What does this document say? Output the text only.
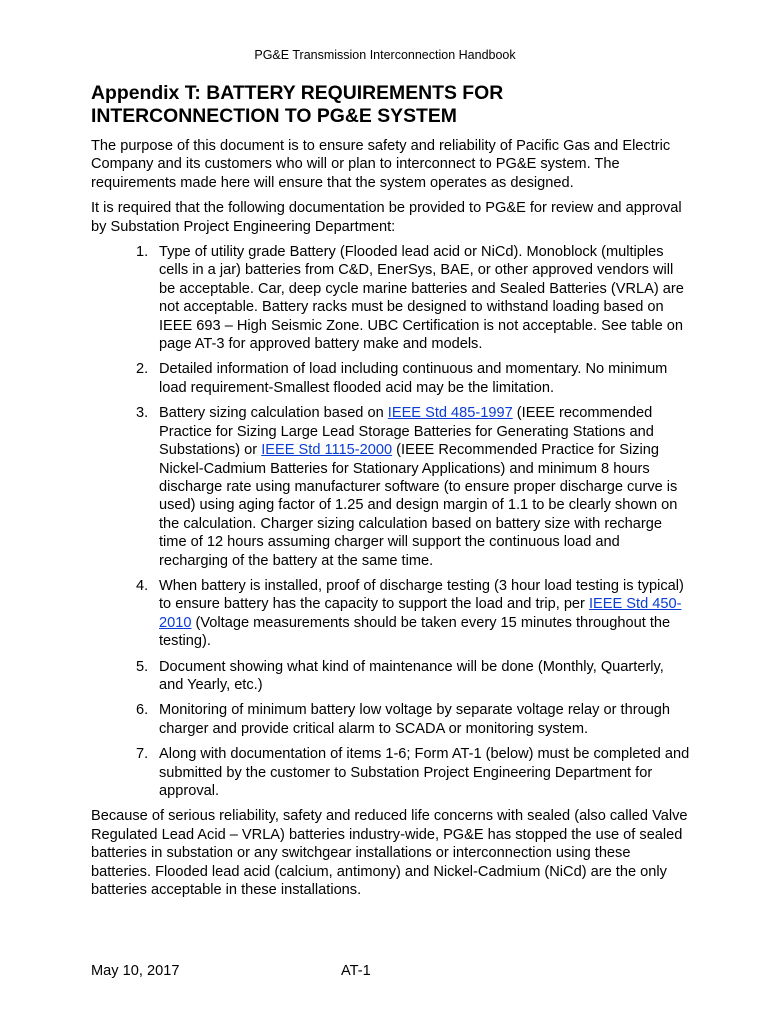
PG&E Transmission Interconnection Handbook
Appendix T: BATTERY REQUIREMENTS FOR
INTERCONNECTION TO PG&E SYSTEM

The purpose of this document is to ensure safety and reliability of Pacific Gas and Electric Company and its customers who will or plan to interconnect to PG&E system. The requirements made here will ensure that the system operates as designed.

It is required that the following documentation be provided to PG&E for review and approval by Substation Project Engineering Department:

1. Type of utility grade Battery (Flooded lead acid or NiCd). Monoblock (multiples cells in a jar) batteries from C&D, EnerSys, BAE, or other approved vendors will be acceptable. Car, deep cycle marine batteries and Sealed Batteries (VRLA) are not acceptable. Battery racks must be designed to withstand loading based on IEEE 693 – High Seismic Zone. UBC Certification is not acceptable. See table on page AT-3 for approved battery make and models.
2. Detailed information of load including continuous and momentary. No minimum load requirement-Smallest flooded acid may be the limitation.
3. Battery sizing calculation based on IEEE Std 485-1997 (IEEE recommended Practice for Sizing Large Lead Storage Batteries for Generating Stations and Substations) or IEEE Std 1115-2000 (IEEE Recommended Practice for Sizing Nickel-Cadmium Batteries for Stationary Applications) and minimum 8 hours discharge rate using manufacturer software (to ensure proper discharge curve is used) using aging factor of 1.25 and design margin of 1.1 to be clearly shown on the calculation. Charger sizing calculation based on battery size with recharge time of 12 hours assuming charger will support the continuous load and recharging of the battery at the same time.
4. When battery is installed, proof of discharge testing (3 hour load testing is typical) to ensure battery has the capacity to support the load and trip, per IEEE Std 450-2010 (Voltage measurements should be taken every 15 minutes throughout the testing).
5. Document showing what kind of maintenance will be done (Monthly, Quarterly, and Yearly, etc.)
6. Monitoring of minimum battery low voltage by separate voltage relay or through charger and provide critical alarm to SCADA or monitoring system.
7. Along with documentation of items 1-6; Form AT-1 (below) must be completed and submitted by the customer to Substation Project Engineering Department for approval.

Because of serious reliability, safety and reduced life concerns with sealed (also called Valve Regulated Lead Acid – VRLA) batteries industry-wide, PG&E has stopped the use of sealed batteries in substation or any switchgear installations or interconnection using these batteries. Flooded lead acid (calcium, antimony) and Nickel-Cadmium (NiCd) are the only batteries acceptable in these installations.

May 10, 2017	AT-1
